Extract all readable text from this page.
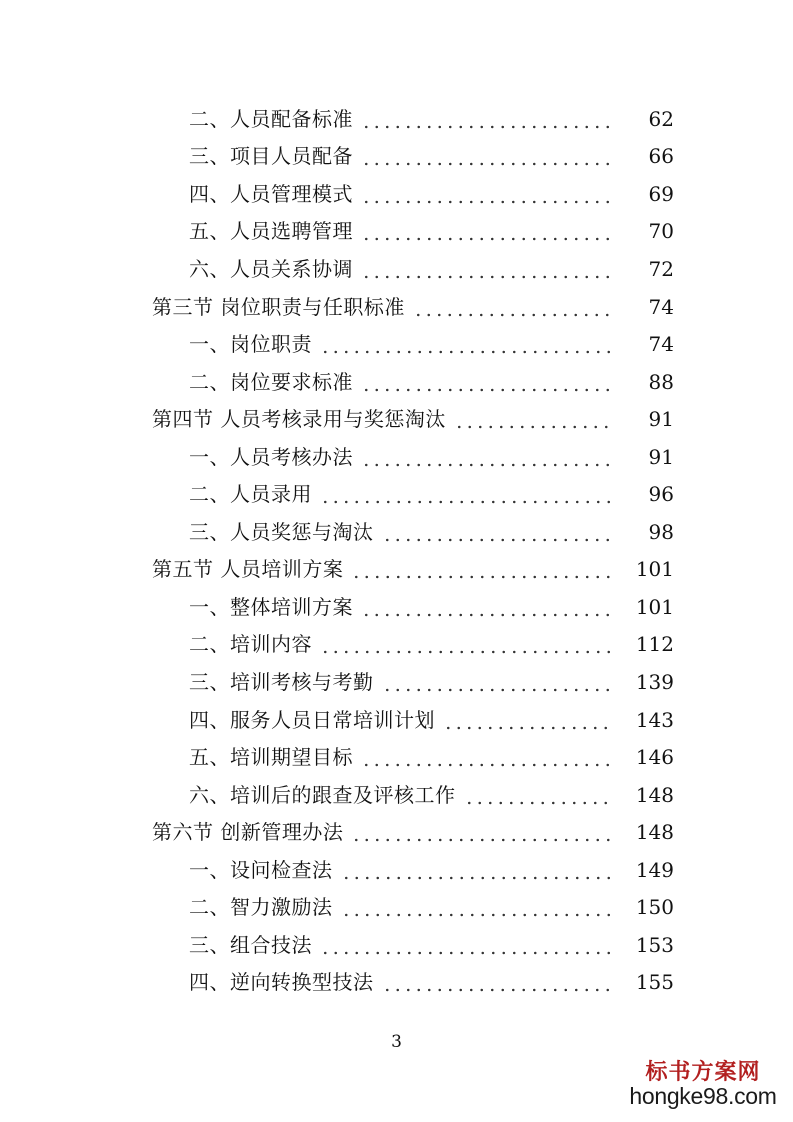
二、人员配备标准	62
三、项目人员配备	66
四、人员管理模式	69
五、人员选聘管理	70
六、人员关系协调	72
第三节 岗位职责与任职标准	74
一、岗位职责	74
二、岗位要求标准	88
第四节 人员考核录用与奖惩淘汰	91
一、人员考核办法	91
二、人员录用	96
三、人员奖惩与淘汰	98
第五节 人员培训方案	101
一、整体培训方案	101
二、培训内容	112
三、培训考核与考勤	139
四、服务人员日常培训计划	143
五、培训期望目标	146
六、培训后的跟查及评核工作	148
第六节 创新管理办法	148
一、设问检查法	149
二、智力激励法	150
三、组合技法	153
四、逆向转换型技法	155
3
标书方案网
hongke98.com
